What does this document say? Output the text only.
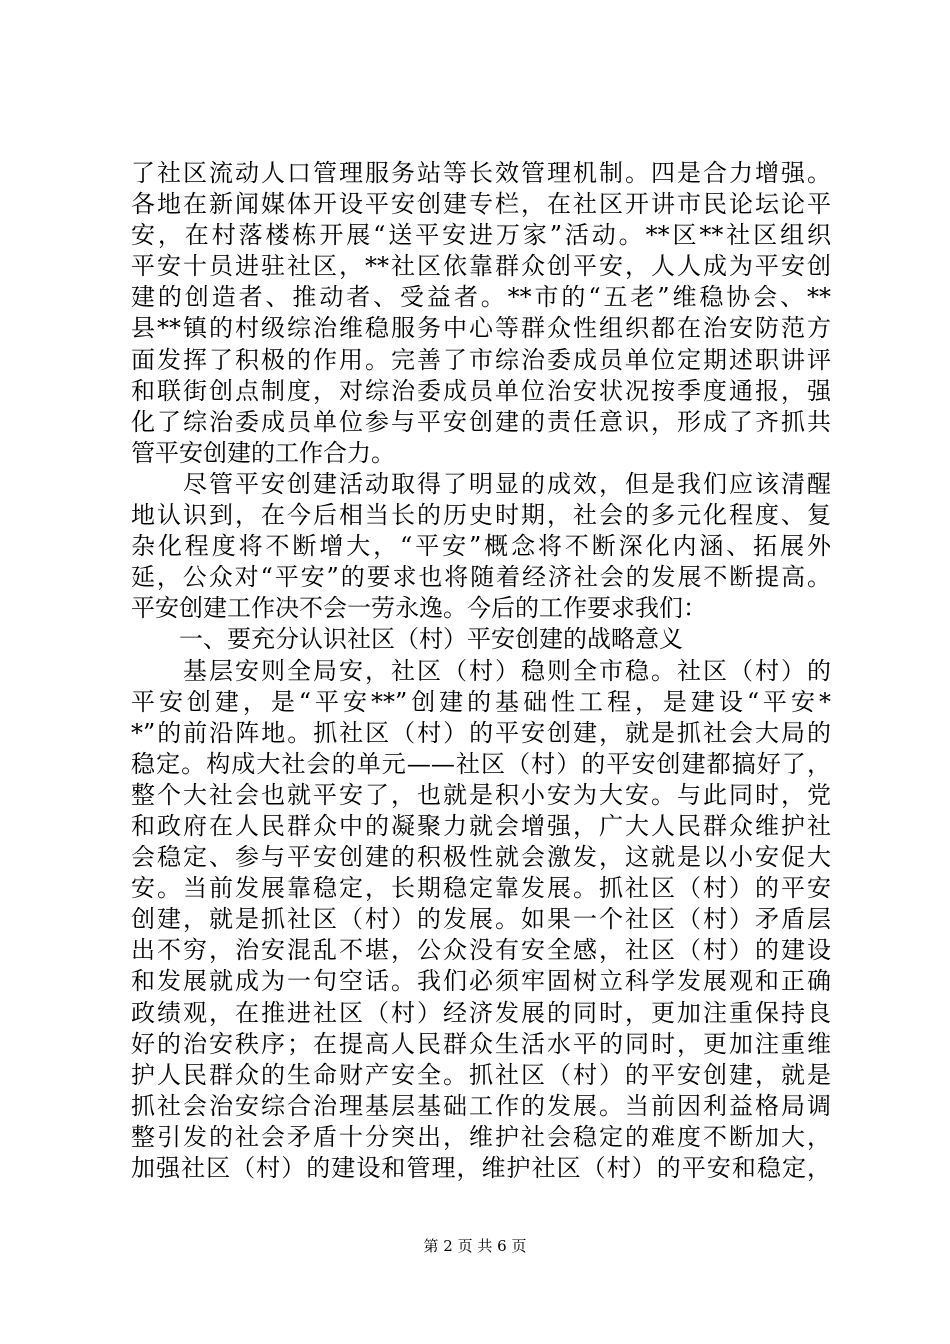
了社区流动人口管理服务站等长效管理机制。四是合力增强。
各地在新闻媒体开设平安创建专栏，在社区开讲市民论坛论平
安，在村落楼栋开展“送平安进万家”活动。**区**社区组织
平安十员进驻社区，**社区依靠群众创平安，人人成为平安创
建的创造者、推动者、受益者。**市的“五老”维稳协会、**
县**镇的村级综治维稳服务中心等群众性组织都在治安防范方
面发挥了积极的作用。完善了市综治委成员单位定期述职讲评
和联街创点制度，对综治委成员单位治安状况按季度通报，强
化了综治委成员单位参与平安创建的责任意识，形成了齐抓共
管平安创建的工作合力。
　　尽管平安创建活动取得了明显的成效，但是我们应该清醒
地认识到，在今后相当长的历史时期，社会的多元化程度、复
杂化程度将不断增大，“平安”概念将不断深化内涵、拓展外
延，公众对“平安”的要求也将随着经济社会的发展不断提高。
平安创建工作决不会一劳永逸。今后的工作要求我们：
　　一、要充分认识社区（村）平安创建的战略意义
　　基层安则全局安，社区（村）稳则全市稳。社区（村）的
平安创建，是“平安**”创建的基础性工程，是建设“平安*
*”的前沿阵地。抓社区（村）的平安创建，就是抓社会大局的
稳定。构成大社会的单元——社区（村）的平安创建都搞好了，
整个大社会也就平安了，也就是积小安为大安。与此同时，党
和政府在人民群众中的凝聚力就会增强，广大人民群众维护社
会稳定、参与平安创建的积极性就会激发，这就是以小安促大
安。当前发展靠稳定，长期稳定靠发展。抓社区（村）的平安
创建，就是抓社区（村）的发展。如果一个社区（村）矛盾层
出不穷，治安混乱不堪，公众没有安全感，社区（村）的建设
和发展就成为一句空话。我们必须牢固树立科学发展观和正确
政绩观，在推进社区（村）经济发展的同时，更加注重保持良
好的治安秩序；在提高人民群众生活水平的同时，更加注重维
护人民群众的生命财产安全。抓社区（村）的平安创建，就是
抓社会治安综合治理基层基础工作的发展。当前因利益格局调
整引发的社会矛盾十分突出，维护社会稳定的难度不断加大，
加强社区（村）的建设和管理，维护社区（村）的平安和稳定，
第 2 页 共 6 页
